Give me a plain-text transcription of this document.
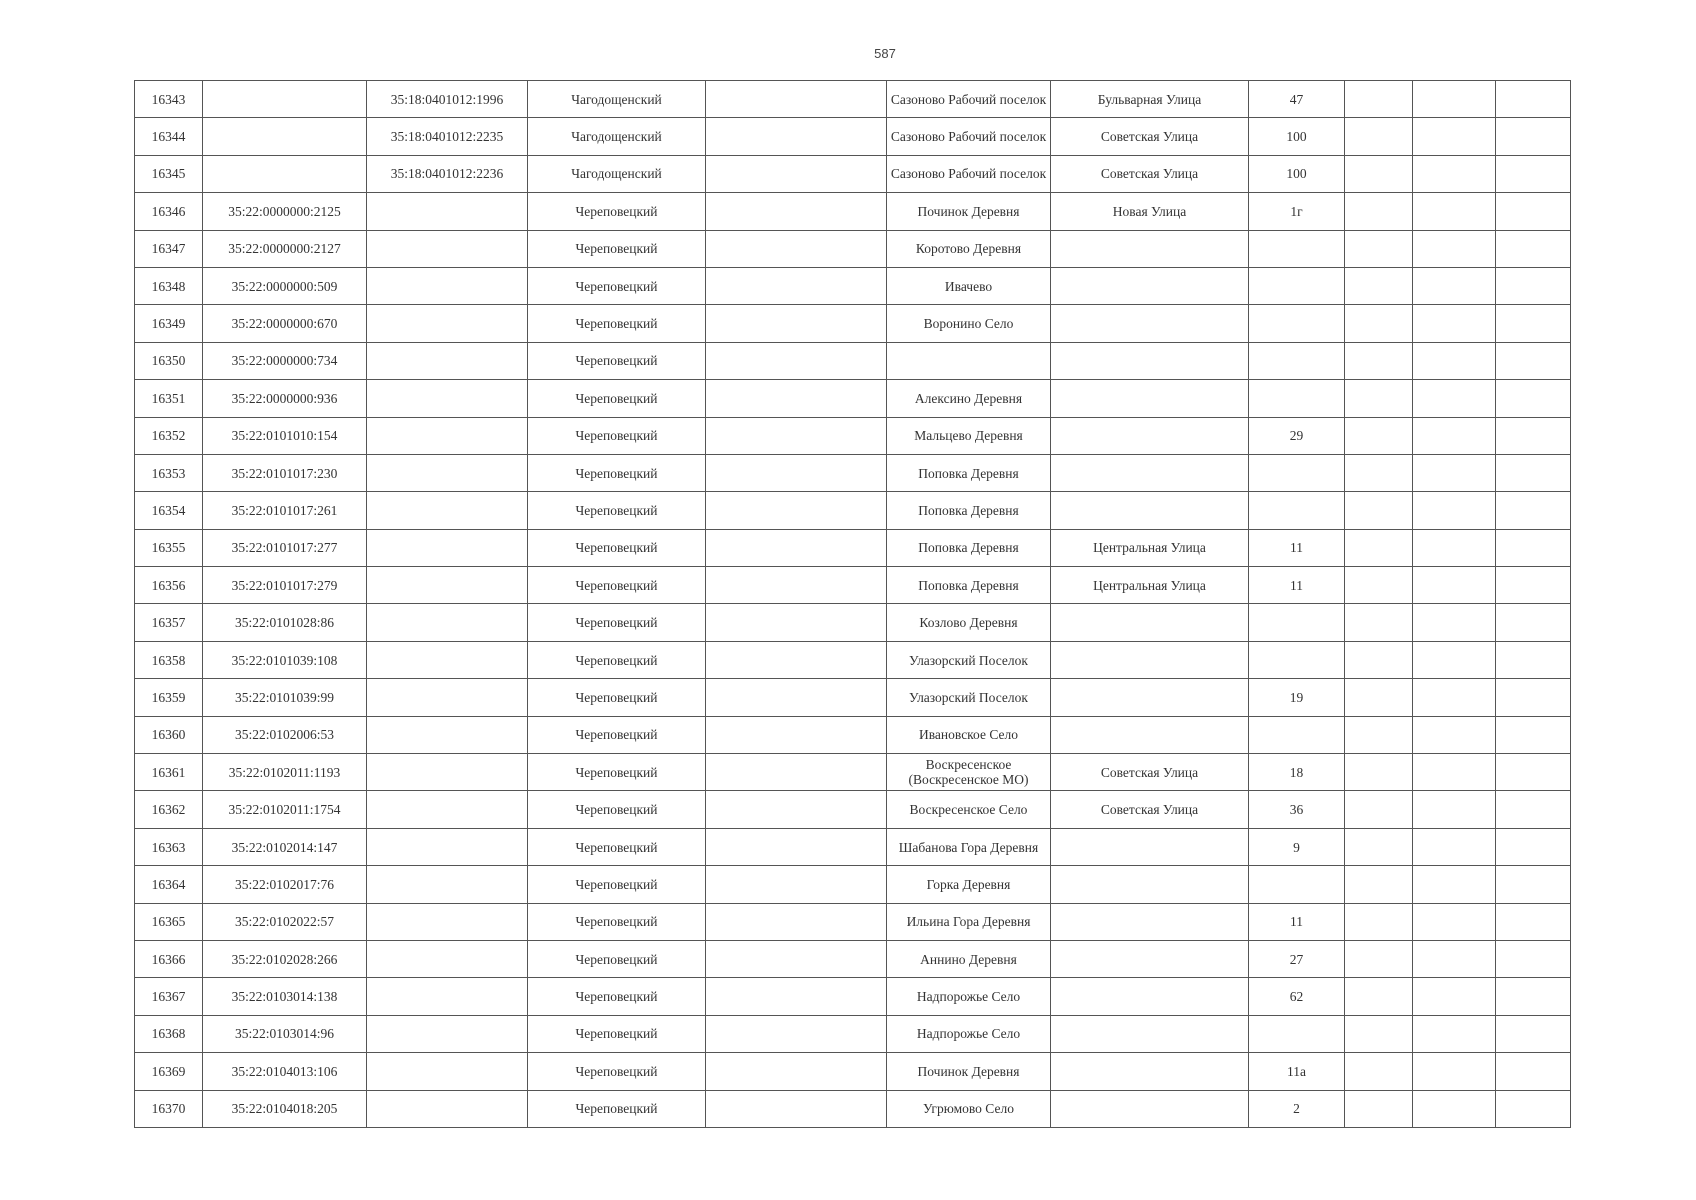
587
16343		35:18:0401012:1996	Чагодощенский		Сазоново Рабочий поселок	Бульварная Улица	47			
16344		35:18:0401012:2235	Чагодощенский		Сазоново Рабочий поселок	Советская Улица	100			
16345		35:18:0401012:2236	Чагодощенский		Сазоново Рабочий поселок	Советская Улица	100			
16346	35:22:0000000:2125		Череповецкий		Починок Деревня	Новая Улица	1г			
16347	35:22:0000000:2127		Череповецкий		Коротово Деревня					
16348	35:22:0000000:509		Череповецкий		Ивачево					
16349	35:22:0000000:670		Череповецкий		Воронино Село					
16350	35:22:0000000:734		Череповецкий							
16351	35:22:0000000:936		Череповецкий		Алексино Деревня					
16352	35:22:0101010:154		Череповецкий		Мальцево Деревня		29			
16353	35:22:0101017:230		Череповецкий		Поповка Деревня					
16354	35:22:0101017:261		Череповецкий		Поповка Деревня					
16355	35:22:0101017:277		Череповецкий		Поповка Деревня	Центральная Улица	11			
16356	35:22:0101017:279		Череповецкий		Поповка Деревня	Центральная Улица	11			
16357	35:22:0101028:86		Череповецкий		Козлово Деревня					
16358	35:22:0101039:108		Череповецкий		Улазорский Поселок					
16359	35:22:0101039:99		Череповецкий		Улазорский Поселок		19			
16360	35:22:0102006:53		Череповецкий		Ивановское Село					
16361	35:22:0102011:1193		Череповецкий		Воскресенское (Воскресенское МО)	Советская Улица	18			
16362	35:22:0102011:1754		Череповецкий		Воскресенское Село	Советская Улица	36			
16363	35:22:0102014:147		Череповецкий		Шабанова Гора Деревня		9			
16364	35:22:0102017:76		Череповецкий		Горка Деревня					
16365	35:22:0102022:57		Череповецкий		Ильина Гора Деревня		11			
16366	35:22:0102028:266		Череповецкий		Аннино Деревня		27			
16367	35:22:0103014:138		Череповецкий		Надпорожье Село		62			
16368	35:22:0103014:96		Череповецкий		Надпорожье Село					
16369	35:22:0104013:106		Череповецкий		Починок Деревня		11а			
16370	35:22:0104018:205		Череповецкий		Угрюмово Село		2			
